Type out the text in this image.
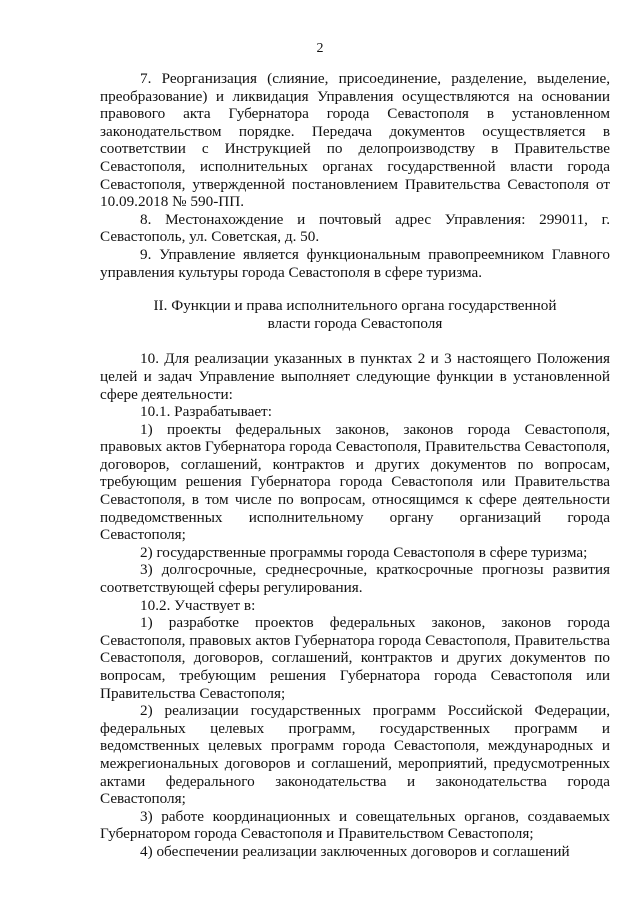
2

7. Реорганизация (слияние, присоединение, разделение, выделение, преобразование) и ликвидация Управления осуществляются на основании правового акта Губернатора города Севастополя в установленном законодательством порядке. Передача документов осуществляется в соответствии с Инструкцией по делопроизводству в Правительстве Севастополя, исполнительных органах государственной власти города Севастополя, утвержденной постановлением Правительства Севастополя от 10.09.2018 № 590-ПП.

8. Местонахождение и почтовый адрес Управления: 299011, г. Севастополь, ул. Советская, д. 50.

9. Управление является функциональным правопреемником Главного управления культуры города Севастополя в сфере туризма.

II. Функции и права исполнительного органа государственной власти города Севастополя

10. Для реализации указанных в пунктах 2 и 3 настоящего Положения целей и задач Управление выполняет следующие функции в установленной сфере деятельности:

10.1. Разрабатывает:

1) проекты федеральных законов, законов города Севастополя, правовых актов Губернатора города Севастополя, Правительства Севастополя, договоров, соглашений, контрактов и других документов по вопросам, требующим решения Губернатора города Севастополя или Правительства Севастополя, в том числе по вопросам, относящимся к сфере деятельности подведомственных исполнительному органу организаций города Севастополя;

2) государственные программы города Севастополя в сфере туризма;

3) долгосрочные, среднесрочные, краткосрочные прогнозы развития соответствующей сферы регулирования.

10.2. Участвует в:

1) разработке проектов федеральных законов, законов города Севастополя, правовых актов Губернатора города Севастополя, Правительства Севастополя, договоров, соглашений, контрактов и других документов по вопросам, требующим решения Губернатора города Севастополя или Правительства Севастополя;

2) реализации государственных программ Российской Федерации, федеральных целевых программ, государственных программ и ведомственных целевых программ города Севастополя, международных и межрегиональных договоров и соглашений, мероприятий, предусмотренных актами федерального законодательства и законодательства города Севастополя;

3) работе координационных и совещательных органов, создаваемых Губернатором города Севастополя и Правительством Севастополя;

4) обеспечении реализации заключенных договоров и соглашений
